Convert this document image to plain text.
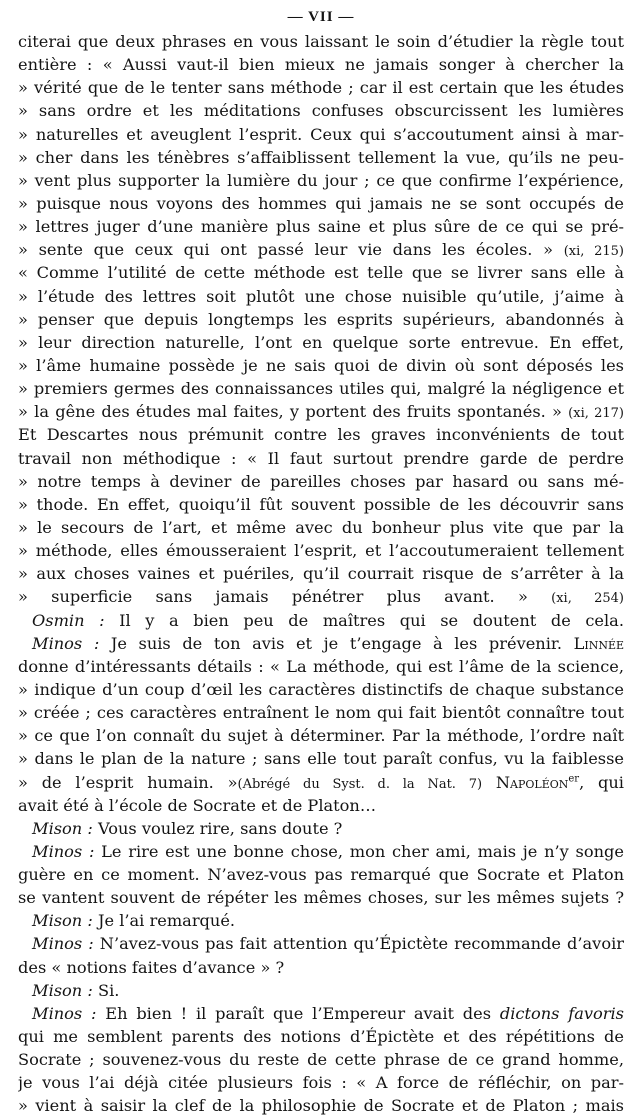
— VII —
citerai que deux phrases en vous laissant le soin d’étudier la règle tout
entière : « Aussi vaut-il bien mieux ne jamais songer à chercher la
» vérité que de le tenter sans méthode ; car il est certain que les études
» sans ordre et les méditations confuses obscurcissent les lumières
» naturelles et aveuglent l’esprit. Ceux qui s’accoutument ainsi à mar-
» cher dans les ténèbres s’affaiblissent tellement la vue, qu’ils ne peu-
» vent plus supporter la lumière du jour ; ce que confirme l’expérience,
» puisque nous voyons des hommes qui jamais ne se sont occupés de
» lettres juger d’une manière plus saine et plus sûre de ce qui se pré-
» sente que ceux qui ont passé leur vie dans les écoles. » (xi, 215)
« Comme l’utilité de cette méthode est telle que se livrer sans elle à
» l’étude des lettres soit plutôt une chose nuisible qu’utile, j’aime à
» penser que depuis longtemps les esprits supérieurs, abandonnés à
» leur direction naturelle, l’ont en quelque sorte entrevue. En effet,
» l’âme humaine possède je ne sais quoi de divin où sont déposés les
» premiers germes des connaissances utiles qui, malgré la négligence et
» la gêne des études mal faites, y portent des fruits spontanés. » (xi, 217)
Et Descartes nous prémunit contre les graves inconvénients de tout
travail non méthodique : « Il faut surtout prendre garde de perdre
» notre temps à deviner de pareilles choses par hasard ou sans mé-
» thode. En effet, quoiqu’il fût souvent possible de les découvrir sans
» le secours de l’art, et même avec du bonheur plus vite que par la
» méthode, elles émousseraient l’esprit, et l’accoutumeraient tellement
» aux choses vaines et puériles, qu’il courrait risque de s’arrêter à la
» superficie sans jamais pénétrer plus avant. » (xi, 254)
Osmin : Il y a bien peu de maîtres qui se doutent de cela.
Minos : Je suis de ton avis et je t’engage à les prévenir. Linnée
donne d’intéressants détails : « La méthode, qui est l’âme de la science,
» indique d’un coup d’œil les caractères distinctifs de chaque substance
» créée ; ces caractères entraînent le nom qui fait bientôt connaître tout
» ce que l’on connaît du sujet à déterminer. Par la méthode, l’ordre naît
» dans le plan de la nature ; sans elle tout paraît confus, vu la faiblesse
» de l’esprit humain. »(Abrégé du Syst. d. la Nat. 7) Napoléon$^{er}$, qui
avait été à l’école de Socrate et de Platon…
Mison : Vous voulez rire, sans doute ?
Minos : Le rire est une bonne chose, mon cher ami, mais je n’y songe
guère en ce moment. N’avez-vous pas remarqué que Socrate et Platon
se vantent souvent de répéter les mêmes choses, sur les mêmes sujets ?
Mison : Je l’ai remarqué.
Minos : N’avez-vous pas fait attention qu’Épictète recommande d’avoir
des « notions faites d’avance » ?
Mison : Si.
Minos : Eh bien ! il paraît que l’Empereur avait des dictons favoris
qui me semblent parents des notions d’Épictète et des répétitions de
Socrate ; souvenez-vous du reste de cette phrase de ce grand homme,
je vous l’ai déjà citée plusieurs fois : « A force de réfléchir, on par-
» vient à saisir la clef de la philosophie de Socrate et de Platon ; mais
